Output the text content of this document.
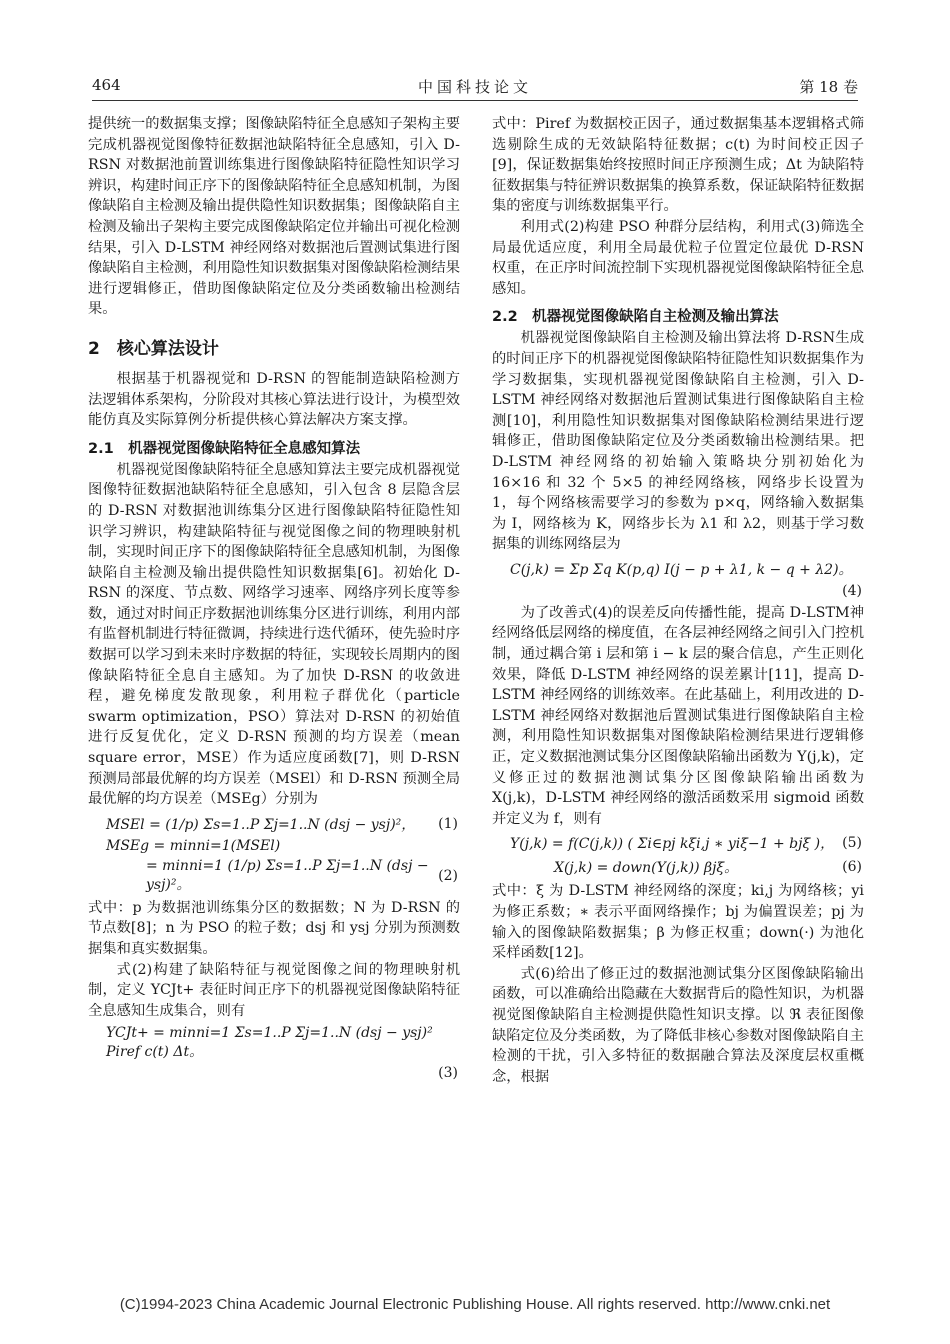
464	中国科技论文	第 18 卷

提供统一的数据集支撑；图像缺陷特征全息感知子架构主要完成机器视觉图像特征数据池缺陷特征全息感知，引入 D-RSN 对数据池前置训练集进行图像缺陷特征隐性知识学习辨识，构建时间正序下的图像缺陷特征全息感知机制，为图像缺陷自主检测及输出提供隐性知识数据集；图像缺陷自主检测及输出子架构主要完成图像缺陷定位并输出可视化检测结果，引入 D-LSTM 神经网络对数据池后置测试集进行图像缺陷自主检测，利用隐性知识数据集对图像缺陷检测结果进行逻辑修正，借助图像缺陷定位及分类函数输出检测结果。

2　核心算法设计

根据基于机器视觉和 D-RSN 的智能制造缺陷检测方法逻辑体系架构，分阶段对其核心算法进行设计，为模型效能仿真及实际算例分析提供核心算法解决方案支撑。

2.1　机器视觉图像缺陷特征全息感知算法

机器视觉图像缺陷特征全息感知算法主要完成机器视觉图像特征数据池缺陷特征全息感知，引入包含 8 层隐含层的 D-RSN 对数据池训练集分区进行图像缺陷特征隐性知识学习辨识，构建缺陷特征与视觉图像之间的物理映射机制，实现时间正序下的图像缺陷特征全息感知机制，为图像缺陷自主检测及输出提供隐性知识数据集[6]。初始化 D-RSN 的深度、节点数、网络学习速率、网络序列长度等参数，通过对时间正序数据池训练集分区进行训练，利用内部有监督机制进行特征微调，持续进行迭代循环，使先验时序数据可以学习到未来时序数据的特征，实现较长周期内的图像缺陷特征全息自主感知。为了加快 D-RSN 的收敛进程，避免梯度发散现象，利用粒子群优化（particle swarm optimization，PSO）算法对 D-RSN 的初始值进行反复优化，定义 D-RSN 预测的均方误差（mean square error，MSE）作为适应度函数[7]，则 D-RSN 预测局部最优解的均方误差（MSEl）和 D-RSN 预测全局最优解的均方误差（MSEg）分别为

MSEl = (1/p) Σs=1..P Σj=1..N (dsj − ysj)²， (1)
MSEg = minni=1(MSEl)
= minni=1 (1/p) Σs=1..P Σj=1..N (dsj − ysj)²。
(2)

式中：p 为数据池训练集分区的数据数；N 为 D-RSN 的节点数[8]；n 为 PSO 的粒子数；dsj 和 ysj 分别为预测数据集和真实数据集。

式(2)构建了缺陷特征与视觉图像之间的物理映射机制，定义 YCJt+ 表征时间正序下的机器视觉图像缺陷特征全息感知生成集合，则有

YCJt+ = minni=1 Σs=1..P Σj=1..N (dsj − ysj)² Piref c(t) Δt。
(3)

式中：Piref 为数据校正因子，通过数据集基本逻辑格式筛选剔除生成的无效缺陷特征数据；c(t) 为时间校正因子[9]，保证数据集始终按照时间正序预测生成；Δt 为缺陷特征数据集与特征辨识数据集的换算系数，保证缺陷特征数据集的密度与训练数据集平行。

利用式(2)构建 PSO 种群分层结构，利用式(3)筛选全局最优适应度，利用全局最优粒子位置定位最优 D-RSN 权重，在正序时间流控制下实现机器视觉图像缺陷特征全息感知。

2.2　机器视觉图像缺陷自主检测及输出算法

机器视觉图像缺陷自主检测及输出算法将 D-RSN生成的时间正序下的机器视觉图像缺陷特征隐性知识数据集作为学习数据集，实现机器视觉图像缺陷自主检测，引入 D-LSTM 神经网络对数据池后置测试集进行图像缺陷自主检测[10]，利用隐性知识数据集对图像缺陷检测结果进行逻辑修正，借助图像缺陷定位及分类函数输出检测结果。把 D-LSTM 神经网络的初始输入策略块分别初始化为 16×16 和 32 个 5×5 的神经网络核，网络步长设置为 1，每个网络核需要学习的参数为 p×q，网络输入数据集为 I，网络核为 K，网络步长为 λ1 和 λ2，则基于学习数据集的训练网络层为

C(j,k) = Σp Σq K(p,q) I(j − p + λ1, k − q + λ2)。
(4)

为了改善式(4)的误差反向传播性能，提高 D-LSTM神经网络低层网络的梯度值，在各层神经网络之间引入门控机制，通过耦合第 i 层和第 i − k 层的聚合信息，产生正则化效果，降低 D-LSTM 神经网络的误差累计[11]，提高 D-LSTM 神经网络的训练效率。在此基础上，利用改进的 D-LSTM 神经网络对数据池后置测试集进行图像缺陷自主检测，利用隐性知识数据集对图像缺陷检测结果进行逻辑修正，定义数据池测试集分区图像缺陷输出函数为 Y(j,k)，定义修正过的数据池测试集分区图像缺陷输出函数为 X(j,k)，D-LSTM 神经网络的激活函数采用 sigmoid 函数并定义为 f，则有

Y(j,k) = f(C(j,k)) ( Σi∈pj kξi,j ∗ yiξ−1 + bjξ )， (5)
X(j,k) = down(Y(j,k)) βjξ。	(6)

式中：ξ 为 D-LSTM 神经网络的深度；ki,j 为网络核；yi 为修正系数；∗ 表示平面网络操作；bj 为偏置误差；pj 为输入的图像缺陷数据集；β 为修正权重；down(·) 为池化采样函数[12]。

式(6)给出了修正过的数据池测试集分区图像缺陷输出函数，可以准确给出隐藏在大数据背后的隐性知识，为机器视觉图像缺陷自主检测提供隐性知识支撑。以 ℜ 表征图像缺陷定位及分类函数，为了降低非核心参数对图像缺陷自主检测的干扰，引入多特征的数据融合算法及深度层权重概念，根据

(C)1994-2023 China Academic Journal Electronic Publishing House. All rights reserved. http://www.cnki.net
